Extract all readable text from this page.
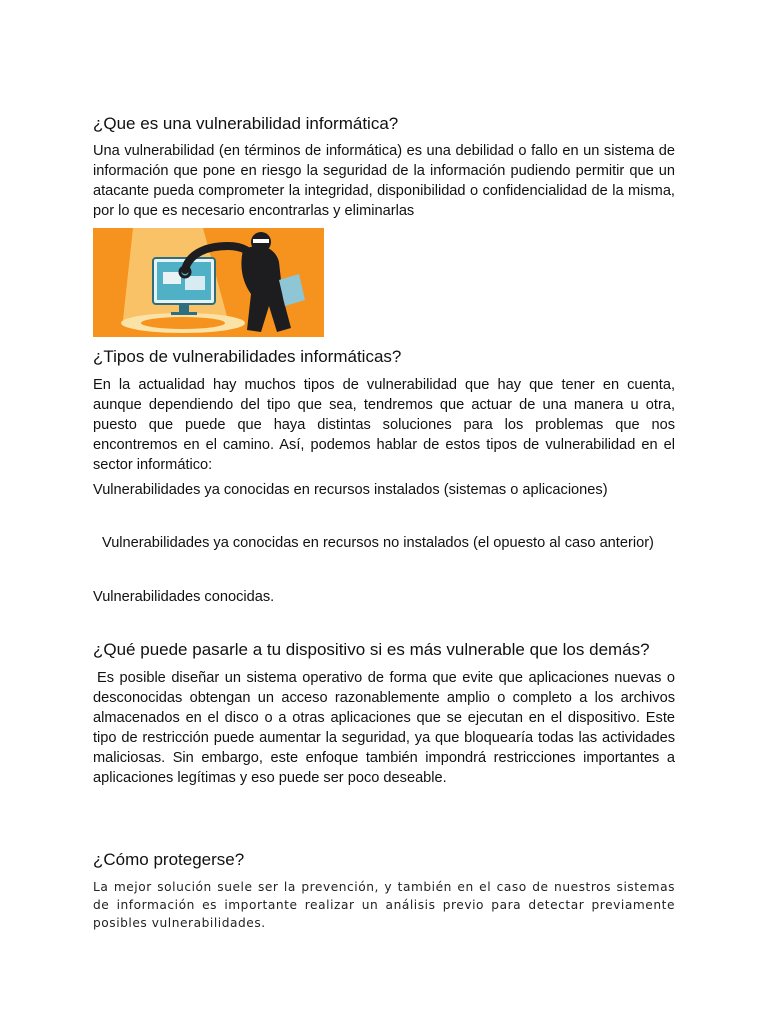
¿Que es una vulnerabilidad informática?
Una vulnerabilidad (en términos de informática) es una debilidad o fallo en un sistema de información que pone en riesgo la seguridad de la información pudiendo permitir que un atacante pueda comprometer la integridad, disponibilidad o confidencialidad de la misma, por lo que es necesario encontrarlas y eliminarlas
¿Tipos de vulnerabilidades informáticas?
En la actualidad hay muchos tipos de vulnerabilidad que hay que tener en cuenta, aunque dependiendo del tipo que sea, tendremos que actuar de una manera u otra, puesto que puede que haya distintas soluciones para los problemas que nos encontremos en el camino. Así, podemos hablar de estos tipos de vulnerabilidad en el sector informático:
Vulnerabilidades ya conocidas en recursos instalados (sistemas o aplicaciones)
Vulnerabilidades ya conocidas en recursos no instalados (el opuesto al caso anterior)
Vulnerabilidades conocidas.
¿Qué puede pasarle a tu dispositivo si es más vulnerable que los demás?
Es posible diseñar un sistema operativo de forma que evite que aplicaciones nuevas o desconocidas obtengan un acceso razonablemente amplio o completo a los archivos almacenados en el disco o a otras aplicaciones que se ejecutan en el dispositivo. Este tipo de restricción puede aumentar la seguridad, ya que bloquearía todas las actividades maliciosas. Sin embargo, este enfoque también impondrá restricciones importantes a aplicaciones legítimas y eso puede ser poco deseable.
¿Cómo protegerse?
La mejor solución suele ser la prevención, y también en el caso de nuestros sistemas de información es importante realizar un análisis previo para detectar previamente posibles vulnerabilidades.
